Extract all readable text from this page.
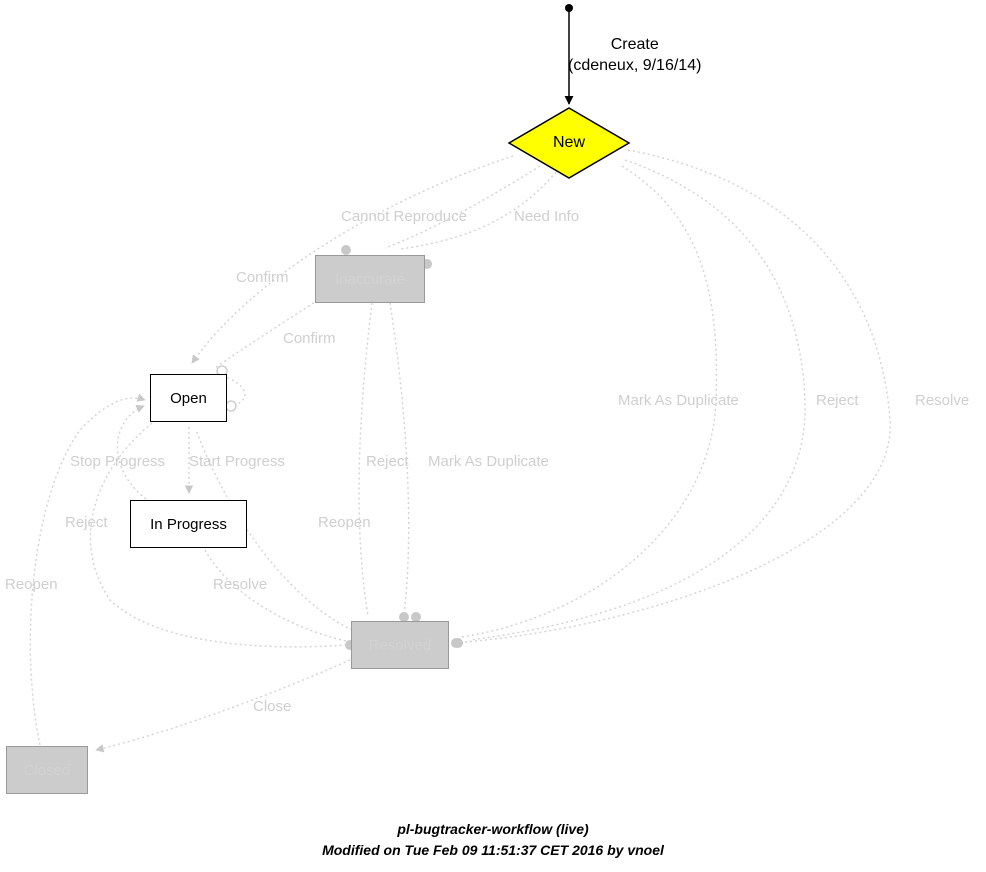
Create
(cdeneux, 9/16/14)
New
Inaccurate
Open
In Progress
Resolved
Closed
Cannot Reproduce	Need Info
Confirm
Confirm
Mark As Duplicate	Reject	Resolve
Stop Progress Start Progress	Reject Mark As Duplicate
Reject	Reopen
Reopen	Resolve
Close
pl-bugtracker-workflow (live)
Modified on Tue Feb 09 11:51:37 CET 2016 by vnoel
